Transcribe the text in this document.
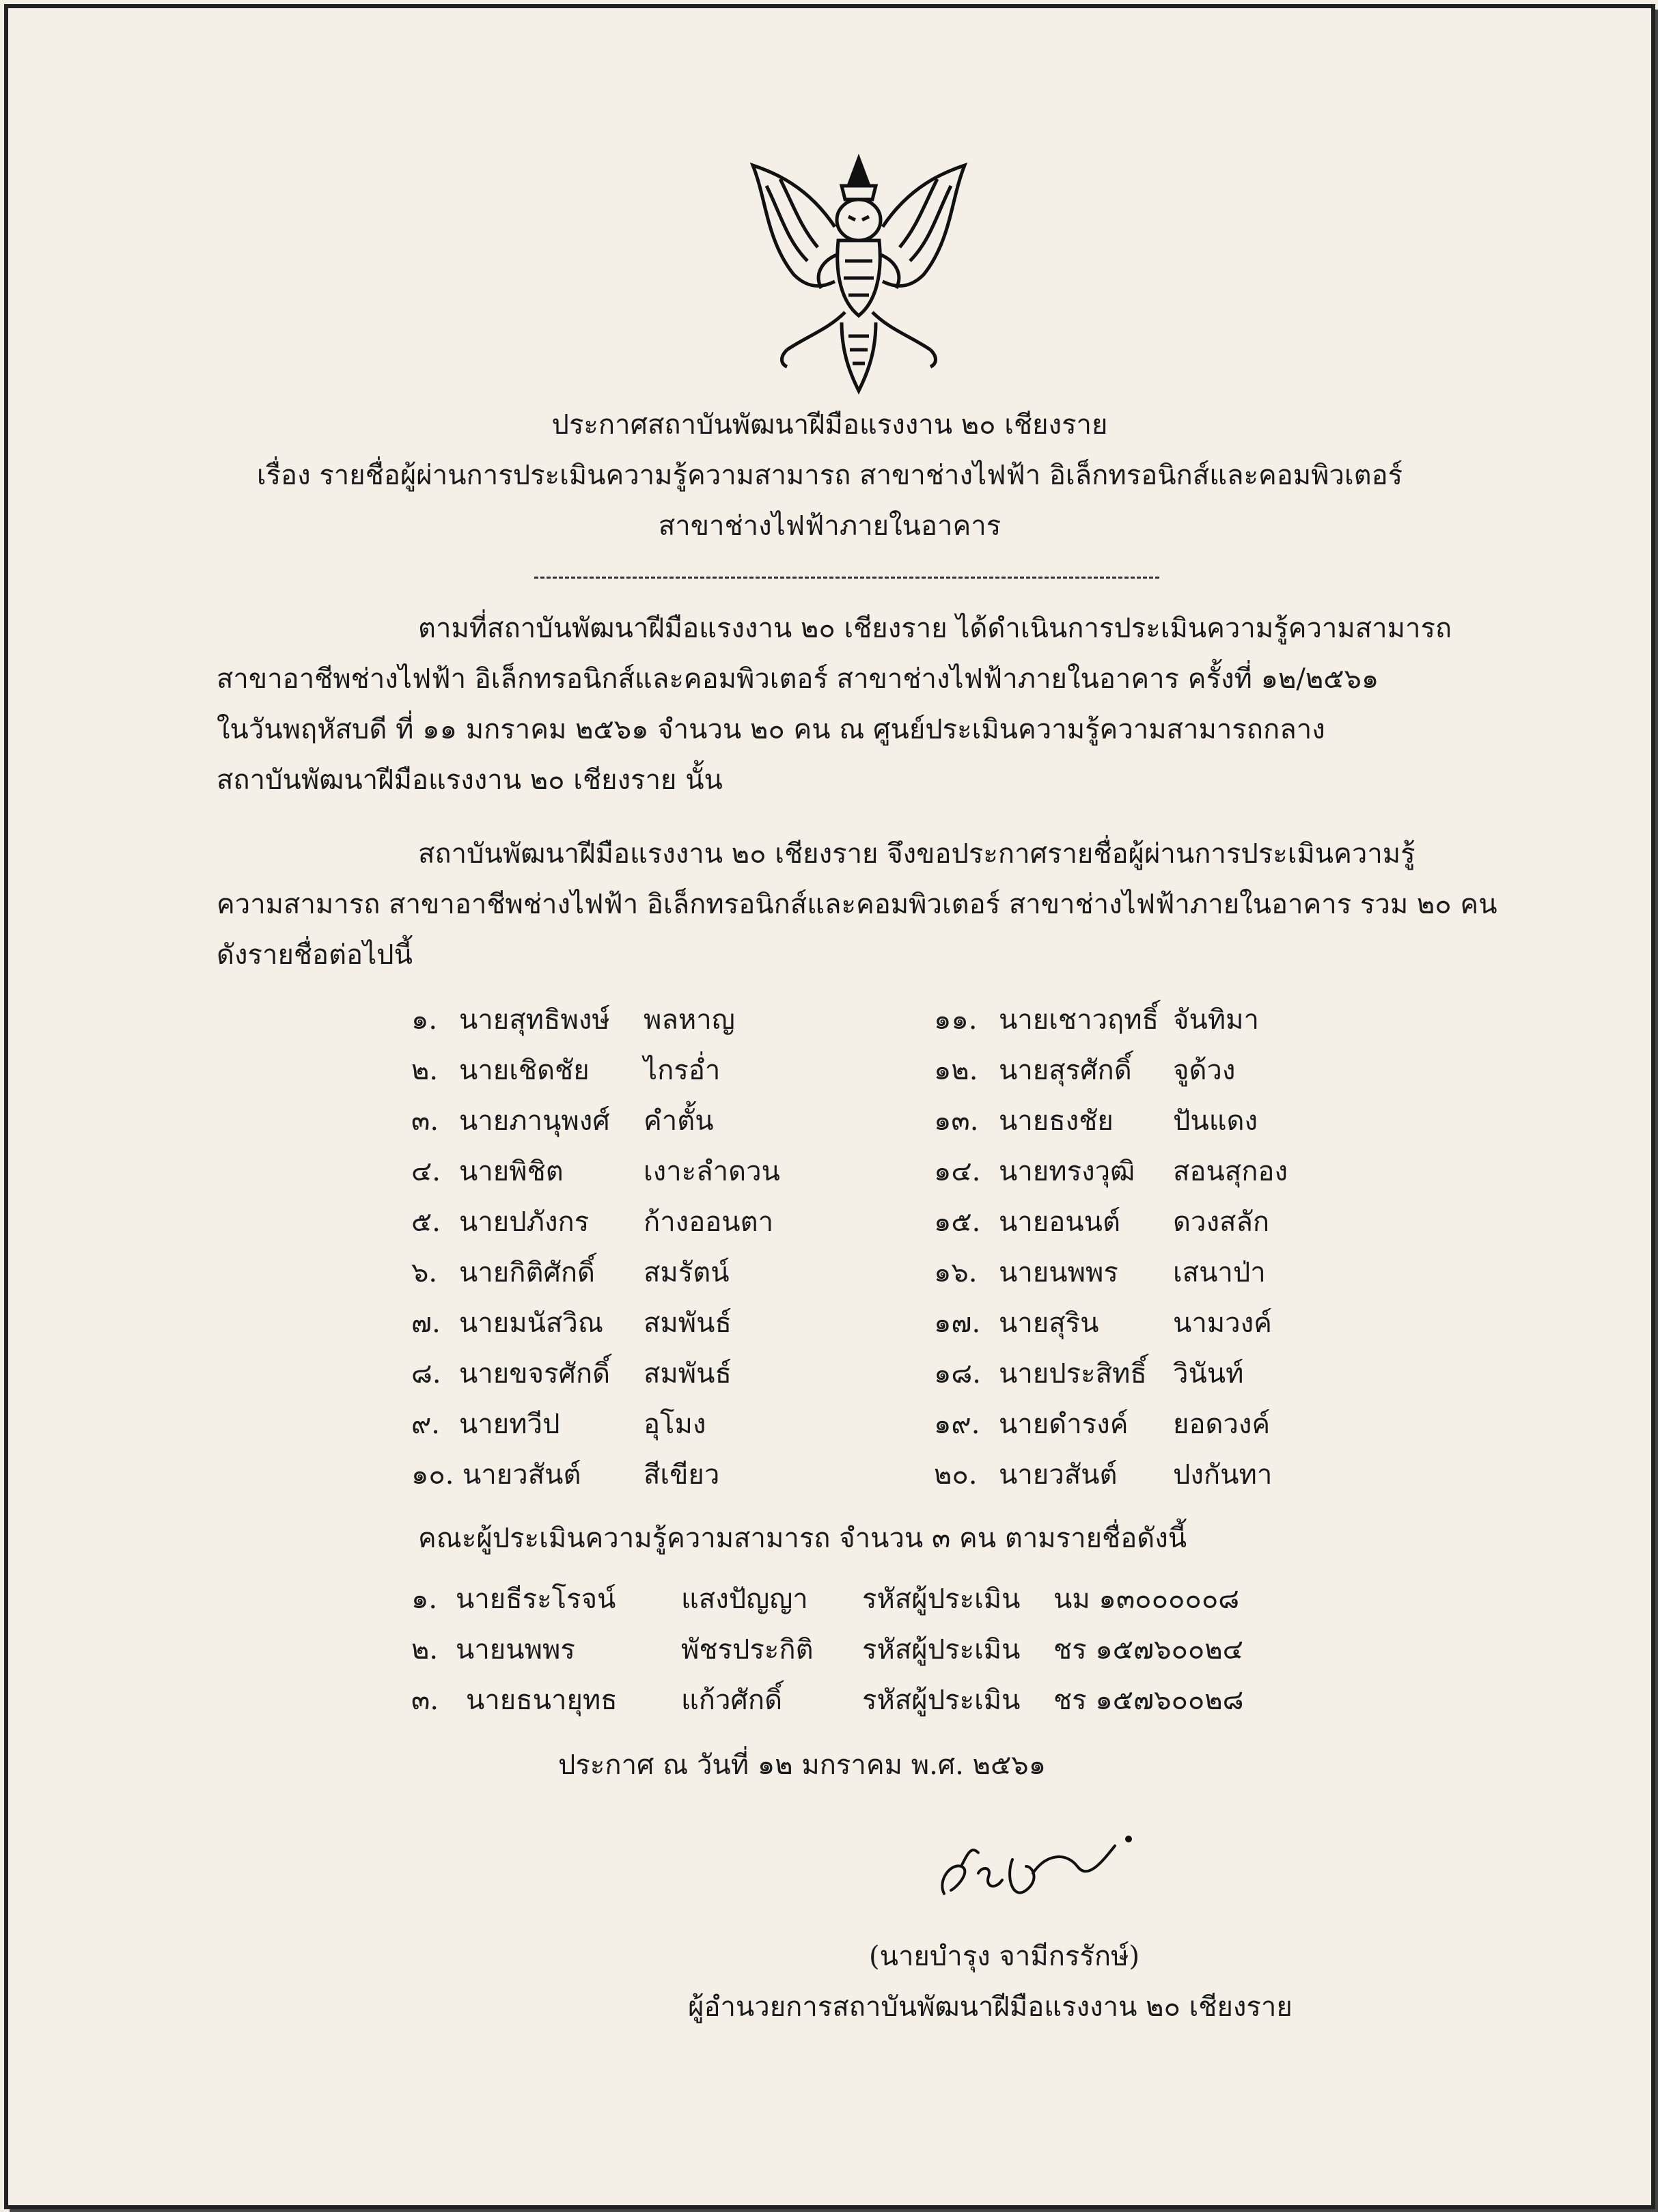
ประกาศสถาบันพัฒนาฝีมือแรงงาน ๒๐ เชียงราย
เรื่อง รายชื่อผู้ผ่านการประเมินความรู้ความสามารถ สาขาช่างไฟฟ้า อิเล็กทรอนิกส์และคอมพิวเตอร์
สาขาช่างไฟฟ้าภายในอาคาร
ตามที่สถาบันพัฒนาฝีมือแรงงาน ๒๐ เชียงราย ได้ดำเนินการประเมินความรู้ความสามารถ
สาขาอาชีพช่างไฟฟ้า อิเล็กทรอนิกส์และคอมพิวเตอร์ สาขาช่างไฟฟ้าภายในอาคาร ครั้งที่ ๑๒/๒๕๖๑
ในวันพฤหัสบดี ที่ ๑๑ มกราคม ๒๕๖๑ จำนวน ๒๐ คน ณ ศูนย์ประเมินความรู้ความสามารถกลาง
สถาบันพัฒนาฝีมือแรงงาน ๒๐ เชียงราย นั้น
สถาบันพัฒนาฝีมือแรงงาน ๒๐ เชียงราย จึงขอประกาศรายชื่อผู้ผ่านการประเมินความรู้
ความสามารถ สาขาอาชีพช่างไฟฟ้า อิเล็กทรอนิกส์และคอมพิวเตอร์ สาขาช่างไฟฟ้าภายในอาคาร รวม ๒๐ คน
ดังรายชื่อต่อไปนี้
๑. นายสุทธิพงษ์ พลหาญ
๒. นายเชิดชัย ไกรอ่ำ
๓. นายภานุพงศ์ คำตั้น
๔. นายพิชิต	เงาะลำดวน
๕. นายปภังกร ก้างออนตา
๖. นายกิติศักดิ์ สมรัตน์
๗. นายมนัสวิณ สมพันธ์
๘. นายขจรศักดิ์ สมพันธ์
๙. นายทวีป	อุโมง
๑๐. นายวสันต์ สีเขียว
๑๑. นายเชาวฤทธิ์ จันทิมา
๑๒. นายสุรศักดิ์ จูด้วง
๑๓. นายธงชัย ปันแดง
๑๔. นายทรงวุฒิ สอนสุกอง
๑๕. นายอนนต์ ดวงสลัก
๑๖. นายนพพร เสนาป่า
๑๗. นายสุริน	นามวงค์
๑๘. นายประสิทธิ์ วินันท์
๑๙. นายดำรงค์ ยอดวงค์
๒๐. นายวสันต์ ปงกันทา
คณะผู้ประเมินความรู้ความสามารถ จำนวน ๓ คน ตามรายชื่อดังนี้
๑. นายธีระโรจน์ แสงปัญญา รหัสผู้ประเมิน นม ๑๓๐๐๐๐๐๘
๒. นายนพพร	พัชรประกิติ รหัสผู้ประเมิน ชร ๑๕๗๖๐๐๒๔
๓. นายธนายุทธ แก้วศักดิ์	รหัสผู้ประเมิน ชร ๑๕๗๖๐๐๒๘
ประกาศ ณ วันที่ ๑๒ มกราคม พ.ศ. ๒๕๖๑
(นายบำรุง จามีกรรักษ์)
ผู้อำนวยการสถาบันพัฒนาฝีมือแรงงาน ๒๐ เชียงราย
